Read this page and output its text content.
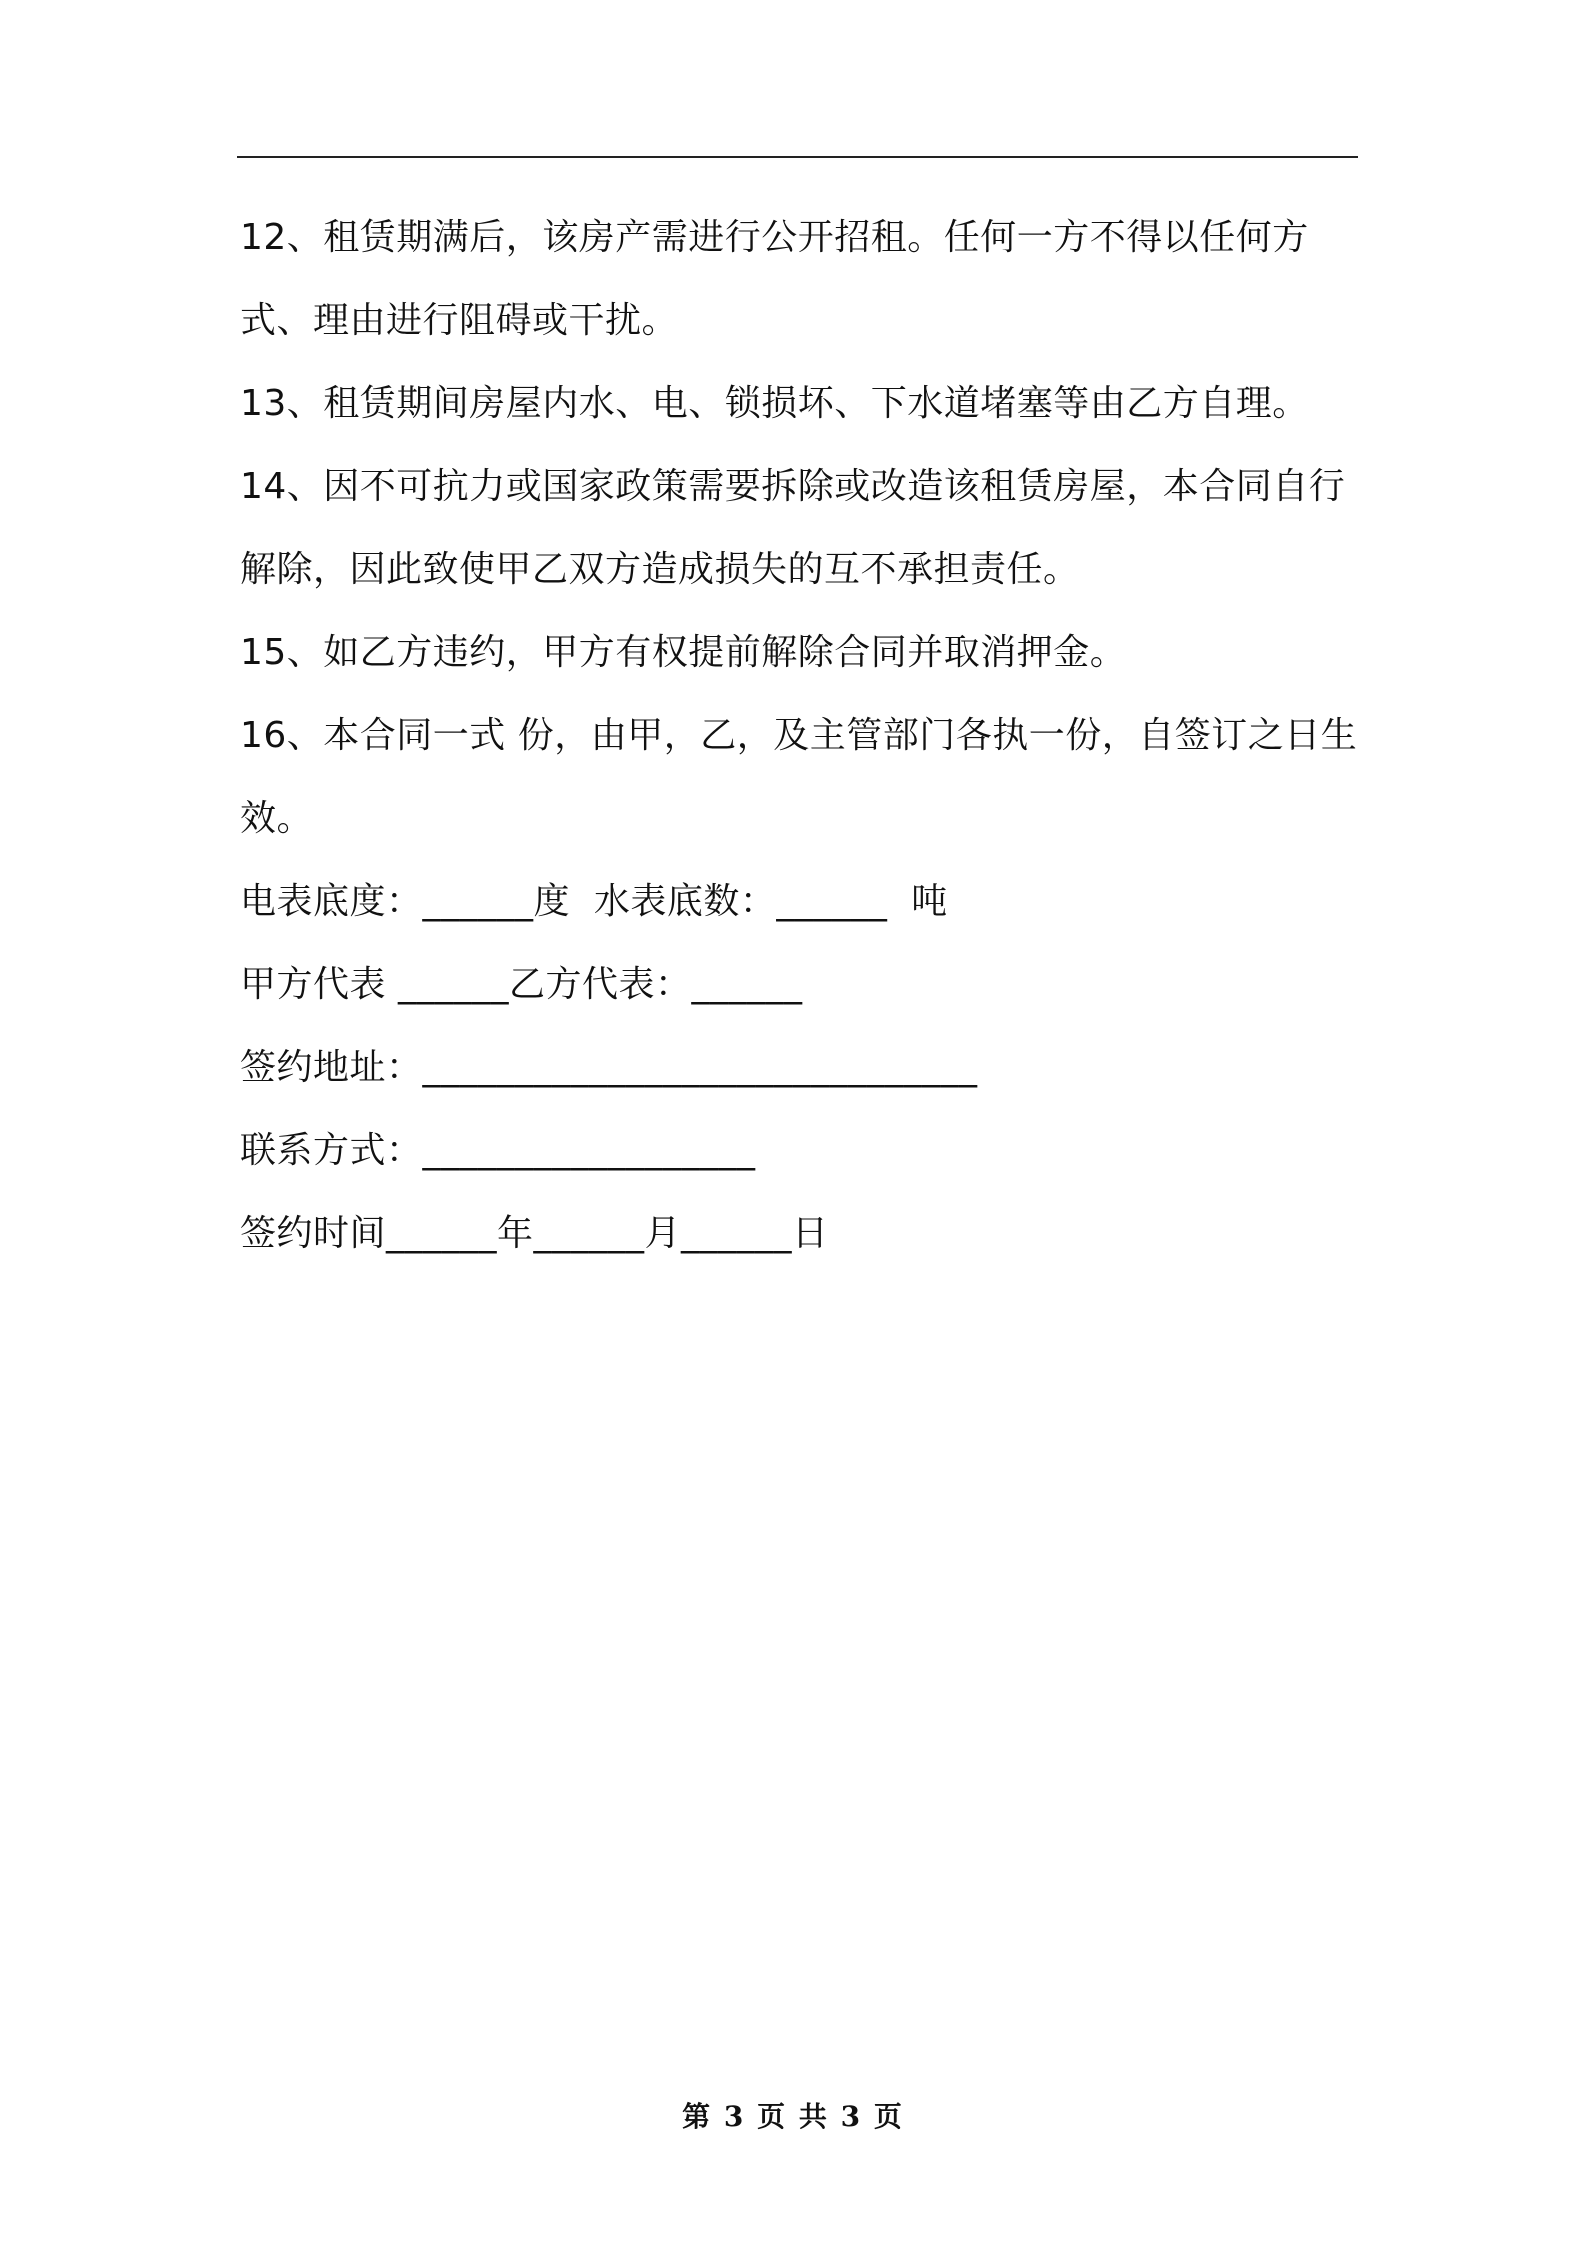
12、租赁期满后，该房产需进行公开招租。任何一方不得以任何方式、理由进行阻碍或干扰。

13、租赁期间房屋内水、电、锁损坏、下水道堵塞等由乙方自理。

14、因不可抗力或国家政策需要拆除或改造该租赁房屋，本合同自行解除，因此致使甲乙双方造成损失的互不承担责任。

15、如乙方违约，甲方有权提前解除合同并取消押金。

16、本合同一式 份，由甲，乙，及主管部门各执一份，自签订之日生效。

电表底度：______度  水表底数：______  吨

甲方代表 ______乙方代表：______

签约地址：______________________________

联系方式：__________________

签约时间______年______月______日

第 3 页 共 3 页
